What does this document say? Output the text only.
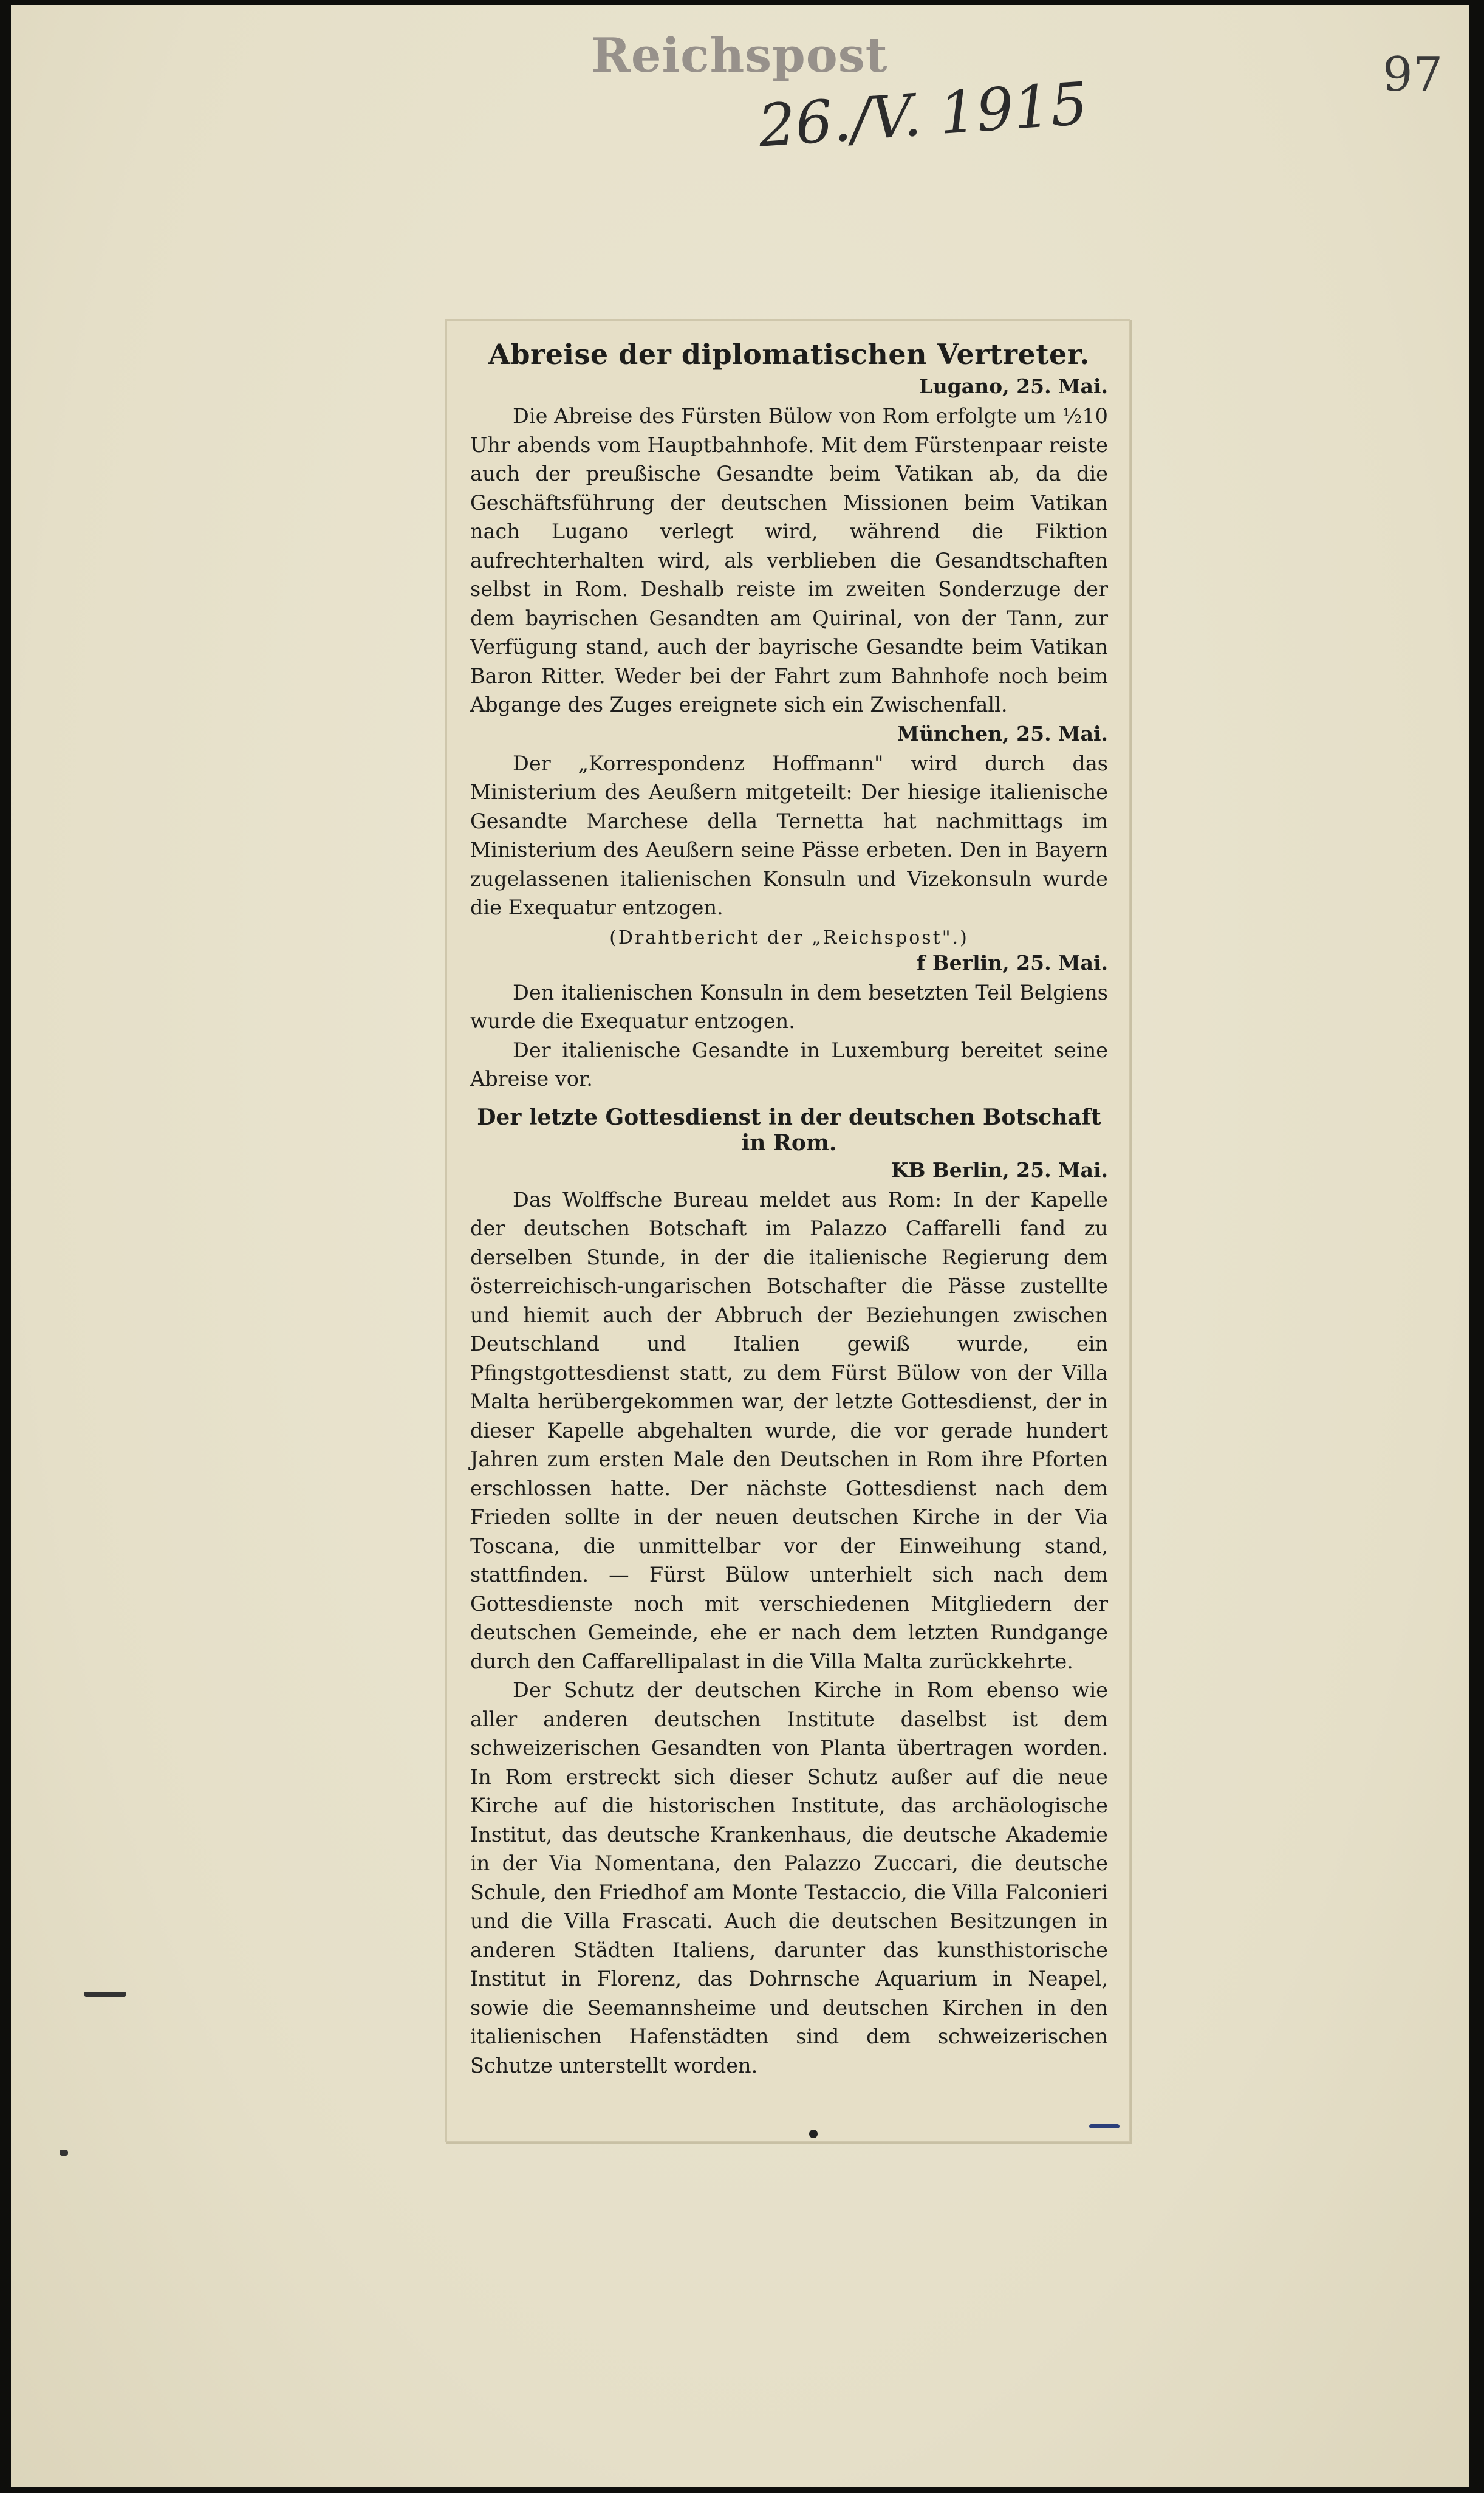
Reichspost
26./V. 1915	97
Abreise der diplomatischen Vertreter.
Lugano, 25. Mai.

Die Abreise des Fürsten Bülow von Rom erfolgte um ½10 Uhr abends vom Hauptbahnhofe. Mit dem Fürstenpaar reiste auch der preußische Gesandte beim Vatikan ab, da die Geschäftsführung der deutschen Missionen beim Vatikan nach Lugano verlegt wird, während die Fiktion aufrechterhalten wird, als verblieben die Gesandtschaften selbst in Rom. Deshalb reiste im zweiten Sonderzuge der dem bayrischen Gesandten am Quirinal, von der Tann, zur Verfügung stand, auch der bayrische Gesandte beim Vatikan Baron Ritter. Weder bei der Fahrt zum Bahnhofe noch beim Abgange des Zuges ereignete sich ein Zwischenfall.

München, 25. Mai.

Der „Korrespondenz Hoffmann" wird durch das Ministerium des Aeußern mitgeteilt: Der hiesige italienische Gesandte Marchese della Ternetta hat nachmittags im Ministerium des Aeußern seine Pässe erbeten. Den in Bayern zugelassenen italienischen Konsuln und Vizekonsuln wurde die Exequatur entzogen.

(Drahtbericht der „Reichspost".)
f Berlin, 25. Mai.

Den italienischen Konsuln in dem besetzten Teil Belgiens wurde die Exequatur entzogen.

Der italienische Gesandte in Luxemburg bereitet seine Abreise vor.

Der letzte Gottesdienst in der deutschen Botschaft in Rom.
KB Berlin, 25. Mai.

Das Wolffsche Bureau meldet aus Rom: In der Kapelle der deutschen Botschaft im Palazzo Caffarelli fand zu derselben Stunde, in der die italienische Regierung dem österreichisch-ungarischen Botschafter die Pässe zustellte und hiemit auch der Abbruch der Beziehungen zwischen Deutschland und Italien gewiß wurde, ein Pfingstgottesdienst statt, zu dem Fürst Bülow von der Villa Malta herübergekommen war, der letzte Gottesdienst, der in dieser Kapelle abgehalten wurde, die vor gerade hundert Jahren zum ersten Male den Deutschen in Rom ihre Pforten erschlossen hatte. Der nächste Gottesdienst nach dem Frieden sollte in der neuen deutschen Kirche in der Via Toscana, die unmittelbar vor der Einweihung stand, stattfinden. — Fürst Bülow unterhielt sich nach dem Gottesdienste noch mit verschiedenen Mitgliedern der deutschen Gemeinde, ehe er nach dem letzten Rundgange durch den Caffarellipalast in die Villa Malta zurückkehrte.

Der Schutz der deutschen Kirche in Rom ebenso wie aller anderen deutschen Institute daselbst ist dem schweizerischen Gesandten von Planta übertragen worden. In Rom erstreckt sich dieser Schutz außer auf die neue Kirche auf die historischen Institute, das archäologische Institut, das deutsche Krankenhaus, die deutsche Akademie in der Via Nomentana, den Palazzo Zuccari, die deutsche Schule, den Friedhof am Monte Testaccio, die Villa Falconieri und die Villa Frascati. Auch die deutschen Besitzungen in anderen Städten Italiens, darunter das kunsthistorische Institut in Florenz, das Dohrnsche Aquarium in Neapel, sowie die Seemannsheime und deutschen Kirchen in den italienischen Hafenstädten sind dem schweizerischen Schutze unterstellt worden.
